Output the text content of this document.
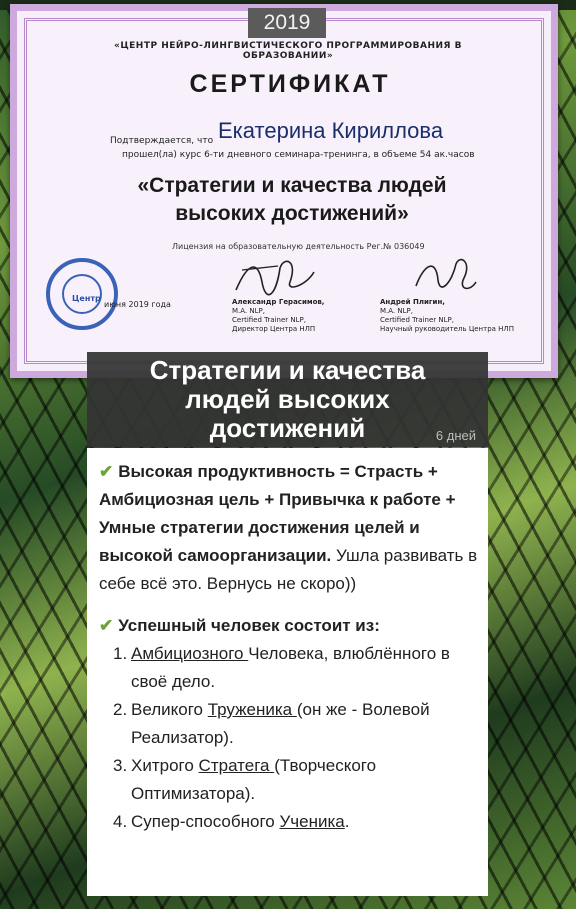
2019
«ЦЕНТР НЕЙРО-ЛИНГВИСТИЧЕСКОГО ПРОГРАММИРОВАНИЯ В ОБРАЗОВАНИИ»
СЕРТИФИКАТ
Подтверждается, что Екатерина Кириллова
прошел(ла) курс 6-ти дневного семинара-тренинга, в объеме 54 ак.часов
«Стратегии и качества людей
высоких достижений»
Лицензия на образовательную деятельность Рег.№ 036049
Центр
июня 2019 года	Александр Герасимов,
M.A. NLP,
Certified Trainer NLP,
Директор Центра НЛП
Андрей Плигин,
M.A. NLP,
Certified Trainer NLP,
Научный руководитель Центра НЛП
Стратегии и качества
людей высоких
достижений	6 дней

✔ Высокая продуктивность = Страсть + Амбициозная цель + Привычка к работе + Умные стратегии достижения целей и высокой самоорганизации. Ушла развивать в себе всё это. Вернусь не скоро))

✔ Успешный человек состоит из:

1. Амбициозного Человека, влюблённого в своё дело.
2. Великого Труженика (он же - Волевой Реализатор).
3. Хитрого Стратега (Творческого Оптимизатора).
4. Супер-способного Ученика.
